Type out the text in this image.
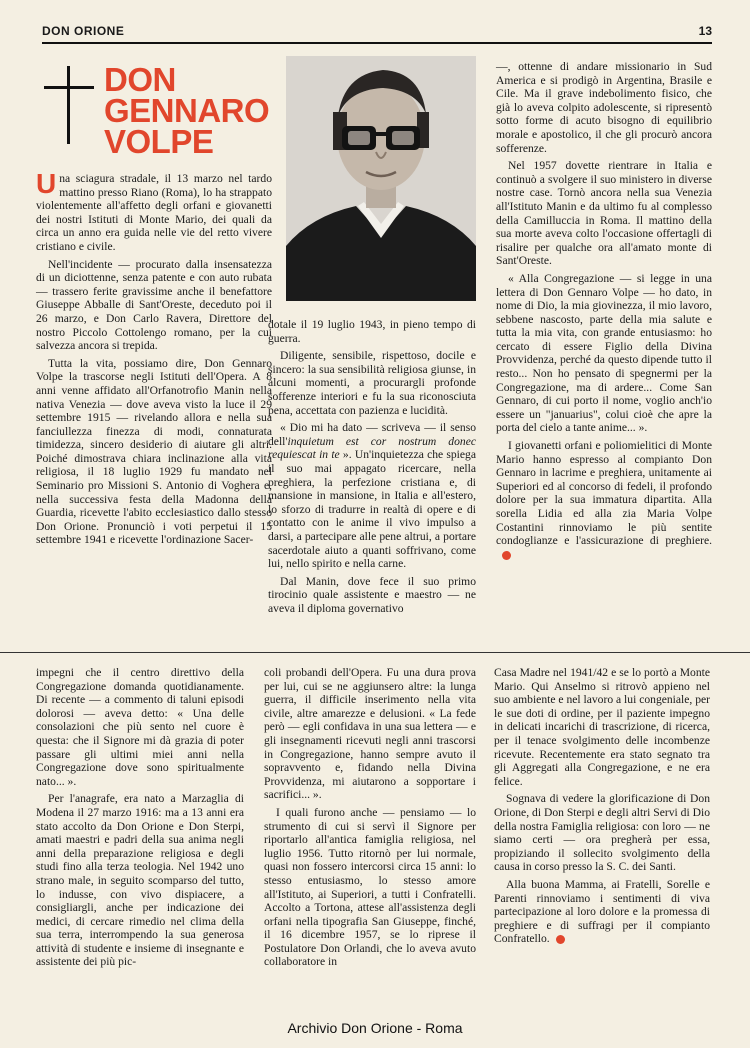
DON ORIONE	13
DON
GENNARO
VOLPE

Una sciagura stradale, il 13 marzo nel tardo mattino presso Riano (Roma), lo ha strappato violentemente all'affetto degli orfani e giovanetti dei nostri Istituti di Monte Mario, dei quali da circa un anno era guida nelle vie del retto vivere cristiano e civile.

Nell'incidente — procurato dalla insensatezza di un diciottenne, senza patente e con auto rubata — trassero ferite gravissime anche il benefattore Giuseppe Abballe di Sant'Oreste, deceduto poi il 26 marzo, e Don Carlo Ravera, Direttore del nostro Piccolo Cottolengo romano, per la cui salvezza ancora si trepida.

Tutta la vita, possiamo dire, Don Gennaro Volpe la trascorse negli Istituti dell'Opera. A 8 anni venne affidato all'Orfanotrofio Manin nella nativa Venezia — dove aveva visto la luce il 29 settembre 1915 — rivelando allora e nella sua fanciullezza finezza di modi, connaturata timidezza, sincero desiderio di aiutare gli altri. Poiché dimostrava chiara inclinazione alla vita religiosa, il 18 luglio 1929 fu mandato nel Seminario pro Missioni S. Antonio di Voghera e, nella successiva festa della Madonna della Guardia, ricevette l'abito ecclesiastico dallo stesso Don Orione. Pronunciò i voti perpetui il 15 settembre 1941 e ricevette l'ordinazione Sacer-

dotale il 19 luglio 1943, in pieno tempo di guerra.

Diligente, sensibile, rispettoso, docile e sincero: la sua sensibilità religiosa giunse, in alcuni momenti, a procurargli profonde sofferenze interiori e fu la sua riconosciuta pena, accettata con pazienza e lucidità.

« Dio mi ha dato — scriveva — il senso dell'inquietum est cor nostrum donec requiescat in te ». Un'inquietezza che spiega il suo mai appagato ricercare, nella preghiera, la perfezione cristiana e, di mansione in mansione, in Italia e all'estero, lo sforzo di tradurre in realtà di opere e di contatto con le anime il vivo impulso a darsi, a partecipare alle pene altrui, a portare sacerdotale aiuto a quanti soffrivano, come lui, nello spirito e nella carne.

Dal Manin, dove fece il suo primo tirocinio quale assistente e maestro — ne aveva il diploma governativo

—, ottenne di andare missionario in Sud America e si prodigò in Argentina, Brasile e Cile. Ma il grave indebolimento fisico, che già lo aveva colpito adolescente, si ripresentò sotto forme di acuto bisogno di equilibrio morale e apostolico, il che gli procurò ancora sofferenze.

Nel 1957 dovette rientrare in Italia e continuò a svolgere il suo ministero in diverse nostre case. Tornò ancora nella sua Venezia all'Istituto Manin e da ultimo fu al complesso della Camilluccia in Roma. Il mattino della sua morte aveva colto l'occasione offertagli di risalire per qualche ora all'amato monte di Sant'Oreste.

« Alla Congregazione — si legge in una lettera di Don Gennaro Volpe — ho dato, in nome di Dio, la mia giovinezza, il mio lavoro, sebbene nascosto, parte della mia salute e tutta la mia vita, con grande entusiasmo: ho cercato di essere Figlio della Divina Provvidenza, perché da questo dipende tutto il resto... Non ho pensato di spegnermi per la Congregazione, ma di ardere... Come San Gennaro, di cui porto il nome, voglio anch'io essere un "januarius", colui cioè che apre la porta del cielo a tante anime... ».

I giovanetti orfani e poliomielitici di Monte Mario hanno espresso al compianto Don Gennaro in lacrime e preghiera, unitamente ai Superiori ed al concorso di fedeli, il profondo dolore per la sua immatura dipartita. Alla sorella Lidia ed alla zia Maria Volpe Costantini rinnoviamo le più sentite condoglianze e l'assicurazione di preghiere.

impegni che il centro direttivo della Congregazione domanda quotidianamente. Di recente — a commento di taluni episodi dolorosi — aveva detto: « Una delle consolazioni che più sento nel cuore è questa: che il Signore mi dà grazia di poter passare gli ultimi miei anni nella Congregazione dove sono spiritualmente nato... ».

Per l'anagrafe, era nato a Marzaglia di Modena il 27 marzo 1916: ma a 13 anni era stato accolto da Don Orione e Don Sterpi, amati maestri e padri della sua anima negli anni della preparazione religiosa e degli studi fino alla terza teologia. Nel 1942 uno strano male, in seguito scomparso del tutto, lo indusse, con vivo dispiacere, a consigliargli, anche per indicazione dei medici, di cercare rimedio nel clima della sua terra, interrompendo la sua generosa attività di studente e insieme di insegnante e assistente dei più pic-

coli probandi dell'Opera. Fu una dura prova per lui, cui se ne aggiunsero altre: la lunga guerra, il difficile inserimento nella vita civile, altre amarezze e delusioni. « La fede però — egli confidava in una sua lettera — e gli insegnamenti ricevuti negli anni trascorsi in Congregazione, hanno sempre avuto il sopravvento e, fidando nella Divina Provvidenza, mi aiutarono a sopportare i sacrifici... ».

I quali furono anche — pensiamo — lo strumento di cui si servì il Signore per riportarlo all'antica famiglia religiosa, nel luglio 1956. Tutto ritornò per lui normale, quasi non fossero intercorsi circa 15 anni: lo stesso entusiasmo, lo stesso amore all'Istituto, ai Superiori, a tutti i Confratelli. Accolto a Tortona, attese all'assistenza degli orfani nella tipografia San Giuseppe, finché, il 16 dicembre 1957, se lo riprese il Postulatore Don Orlandi, che lo aveva avuto collaboratore in

Casa Madre nel 1941/42 e se lo portò a Monte Mario. Qui Anselmo si ritrovò appieno nel suo ambiente e nel lavoro a lui congeniale, per le sue doti di ordine, per il paziente impegno in delicati incarichi di trascrizione, di ricerca, per il tenace svolgimento delle incombenze ricevute. Recentemente era stato segnato tra gli Aggregati alla Congregazione, e ne era felice.

Sognava di vedere la glorificazione di Don Orione, di Don Sterpi e degli altri Servi di Dio della nostra Famiglia religiosa: con loro — ne siamo certi — ora pregherà per essa, propiziando il sollecito svolgimento della causa in corso presso la S. C. dei Santi.

Alla buona Mamma, ai Fratelli, Sorelle e Parenti rinnoviamo i sentimenti di viva partecipazione al loro dolore e la promessa di preghiere e di suffragi per il compianto Confratello.

Archivio Don Orione - Roma
